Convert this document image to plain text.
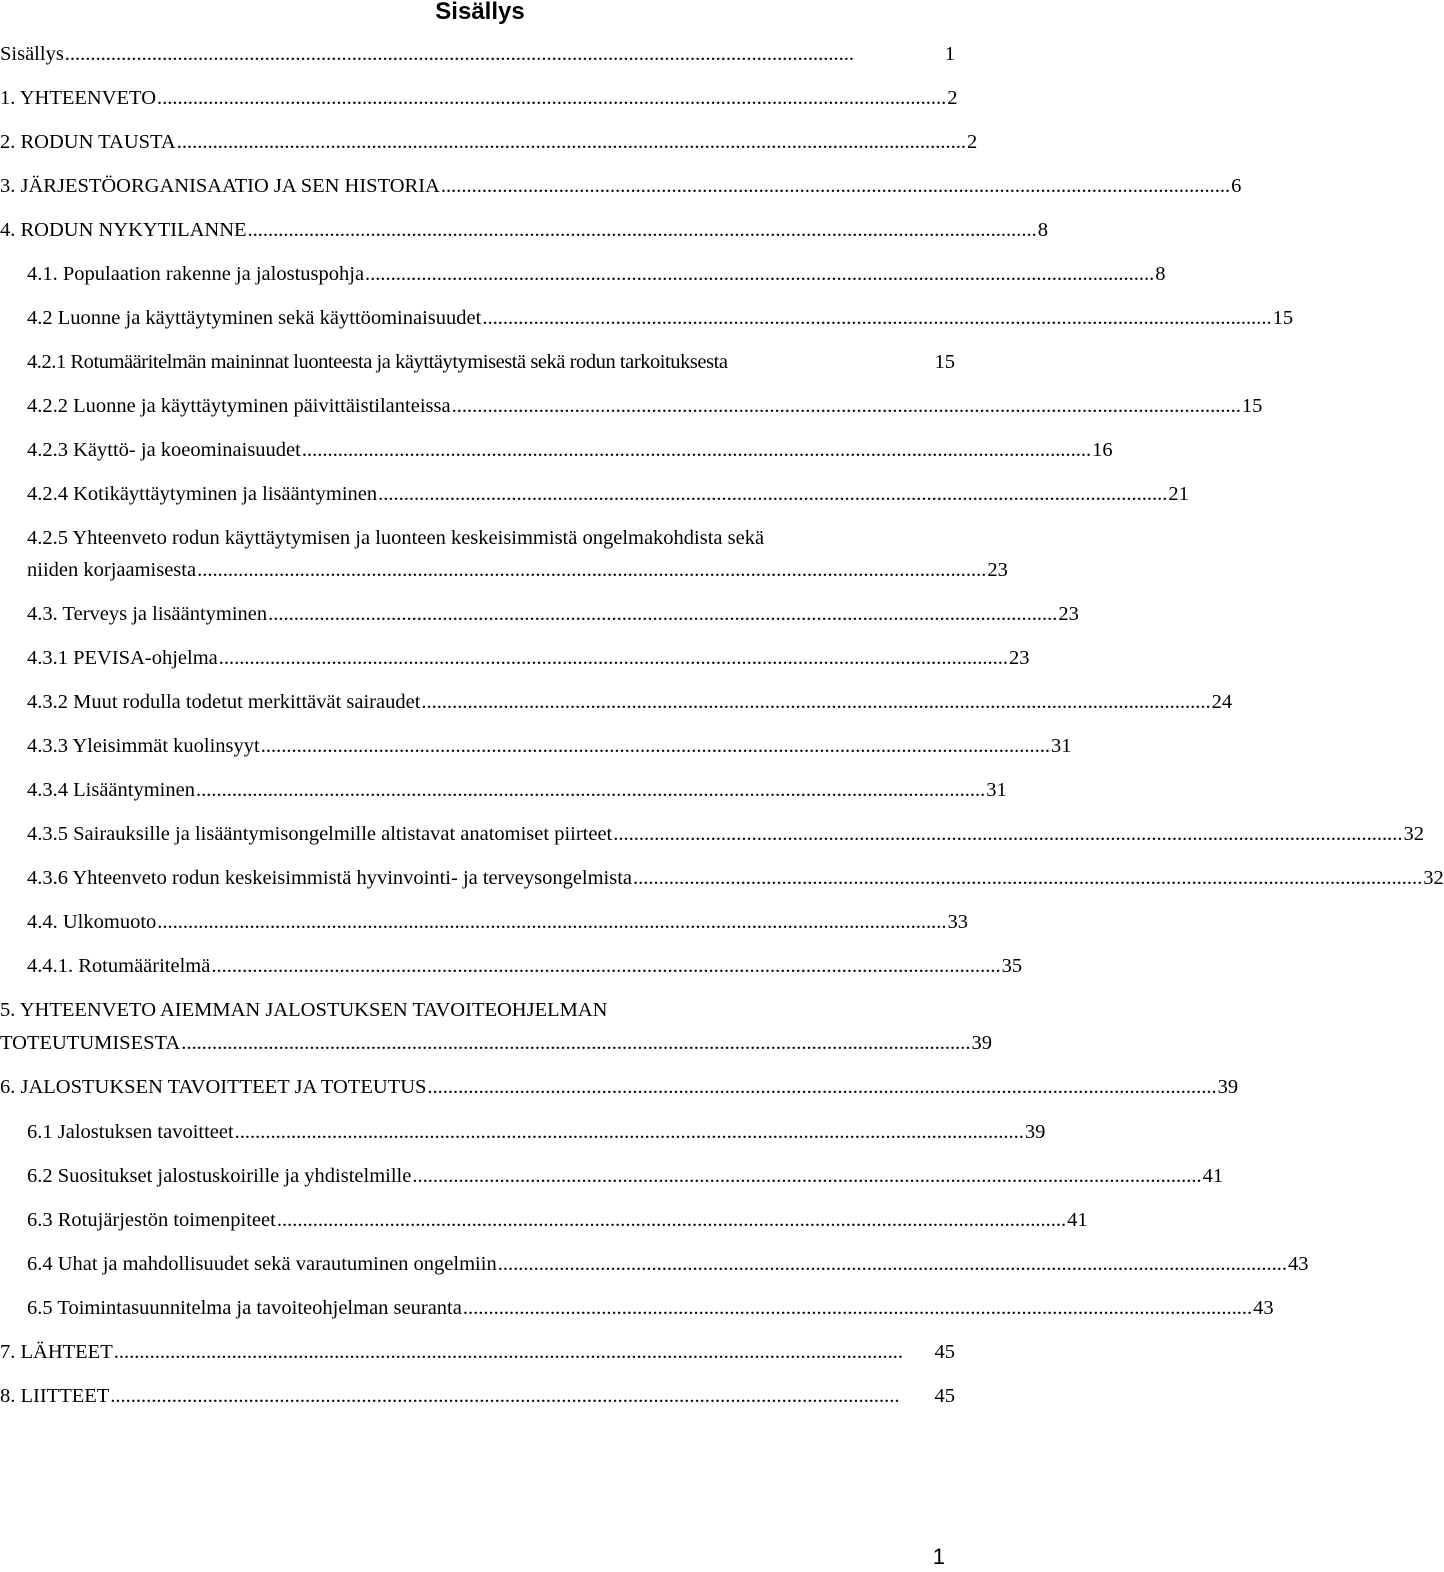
Sisällys
Sisällys ..........................................................................................................................................................	1
1. YHTEENVETO .......................................................................................................................................................... 2
2. RODUN TAUSTA .......................................................................................................................................................... 2
3. JÄRJESTÖORGANISAATIO JA SEN HISTORIA .......................................................................................................................................................... 6
4. RODUN NYKYTILANNE .......................................................................................................................................................... 8
4.1. Populaation rakenne ja jalostuspohja .......................................................................................................................................................... 8
4.2 Luonne ja käyttäytyminen sekä käyttöominaisuudet .......................................................................................................................................................... 15
4.2.1 Rotumääritelmän maininnat luonteesta ja käyttäytymisestä sekä rodun tarkoituksesta	15
4.2.2 Luonne ja käyttäytyminen päivittäistilanteissa .......................................................................................................................................................... 15
4.2.3 Käyttö- ja koeominaisuudet .......................................................................................................................................................... 16
4.2.4 Kotikäyttäytyminen ja lisääntyminen .......................................................................................................................................................... 21
4.2.5 Yhteenveto rodun käyttäytymisen ja luonteen keskeisimmistä ongelmakohdista sekä
niiden korjaamisesta .......................................................................................................................................................... 23
4.3. Terveys ja lisääntyminen .......................................................................................................................................................... 23
4.3.1 PEVISA-ohjelma .......................................................................................................................................................... 23
4.3.2 Muut rodulla todetut merkittävät sairaudet .......................................................................................................................................................... 24
4.3.3 Yleisimmät kuolinsyyt .......................................................................................................................................................... 31
4.3.4 Lisääntyminen .......................................................................................................................................................... 31
4.3.5 Sairauksille ja lisääntymisongelmille altistavat anatomiset piirteet .......................................................................................................................................................... 32
4.3.6 Yhteenveto rodun keskeisimmistä hyvinvointi- ja terveysongelmista .......................................................................................................................................................... 32
4.4. Ulkomuoto .......................................................................................................................................................... 33
4.4.1. Rotumääritelmä .......................................................................................................................................................... 35
5. YHTEENVETO AIEMMAN JALOSTUKSEN TAVOITEOHJELMAN
TOTEUTUMISESTA .......................................................................................................................................................... 39
6. JALOSTUKSEN TAVOITTEET JA TOTEUTUS .......................................................................................................................................................... 39
6.1 Jalostuksen tavoitteet .......................................................................................................................................................... 39
6.2 Suositukset jalostuskoirille ja yhdistelmille .......................................................................................................................................................... 41
6.3 Rotujärjestön toimenpiteet .......................................................................................................................................................... 41
6.4 Uhat ja mahdollisuudet sekä varautuminen ongelmiin .......................................................................................................................................................... 43
6.5 Toimintasuunnitelma ja tavoiteohjelman seuranta .......................................................................................................................................................... 43
7. LÄHTEET ..........................................................................................................................................................	45
8. LIITTEET ..........................................................................................................................................................	45
1
